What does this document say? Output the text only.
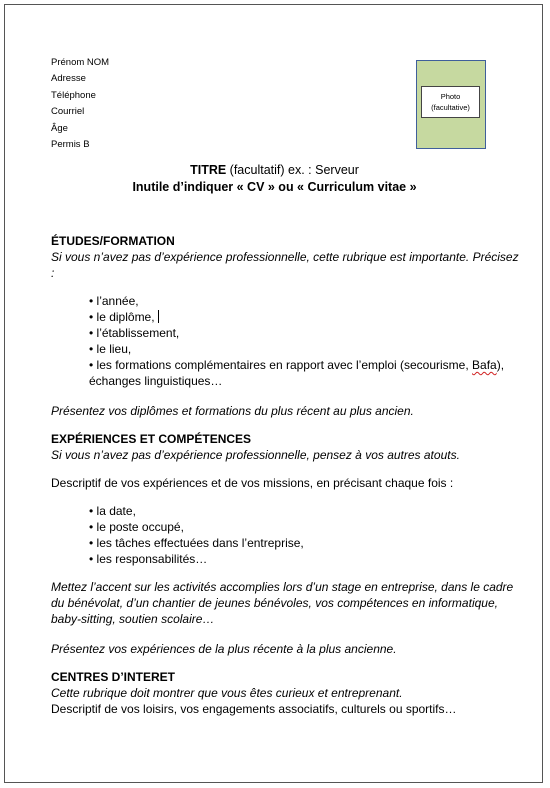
Prénom NOM
Adresse
Téléphone
Courriel
Âge
Permis B
Photo
(facultative)
TITRE (facultatif) ex. : Serveur
Inutile d’indiquer « CV » ou « Curriculum vitae »
ÉTUDES/FORMATION
Si vous n’avez pas d’expérience professionnelle, cette rubrique est importante. Précisez :
• l’année,
• le diplôme,
• l’établissement,
• le lieu,
• les formations complémentaires en rapport avec l’emploi (secourisme, Bafa),
échanges linguistiques…
Présentez vos diplômes et formations du plus récent au plus ancien.
EXPÉRIENCES ET COMPÉTENCES
Si vous n’avez pas d’expérience professionnelle, pensez à vos autres atouts.
Descriptif de vos expériences et de vos missions, en précisant chaque fois :
• la date,
• le poste occupé,
• les tâches effectuées dans l’entreprise,
• les responsabilités…
Mettez l’accent sur les activités accomplies lors d’un stage en entreprise, dans le cadre du bénévolat, d’un chantier de jeunes bénévoles, vos compétences en informatique, baby-sitting, soutien scolaire…
Présentez vos expériences de la plus récente à la plus ancienne.
CENTRES D’INTERET
Cette rubrique doit montrer que vous êtes curieux et entreprenant.
Descriptif de vos loisirs, vos engagements associatifs, culturels ou sportifs…
